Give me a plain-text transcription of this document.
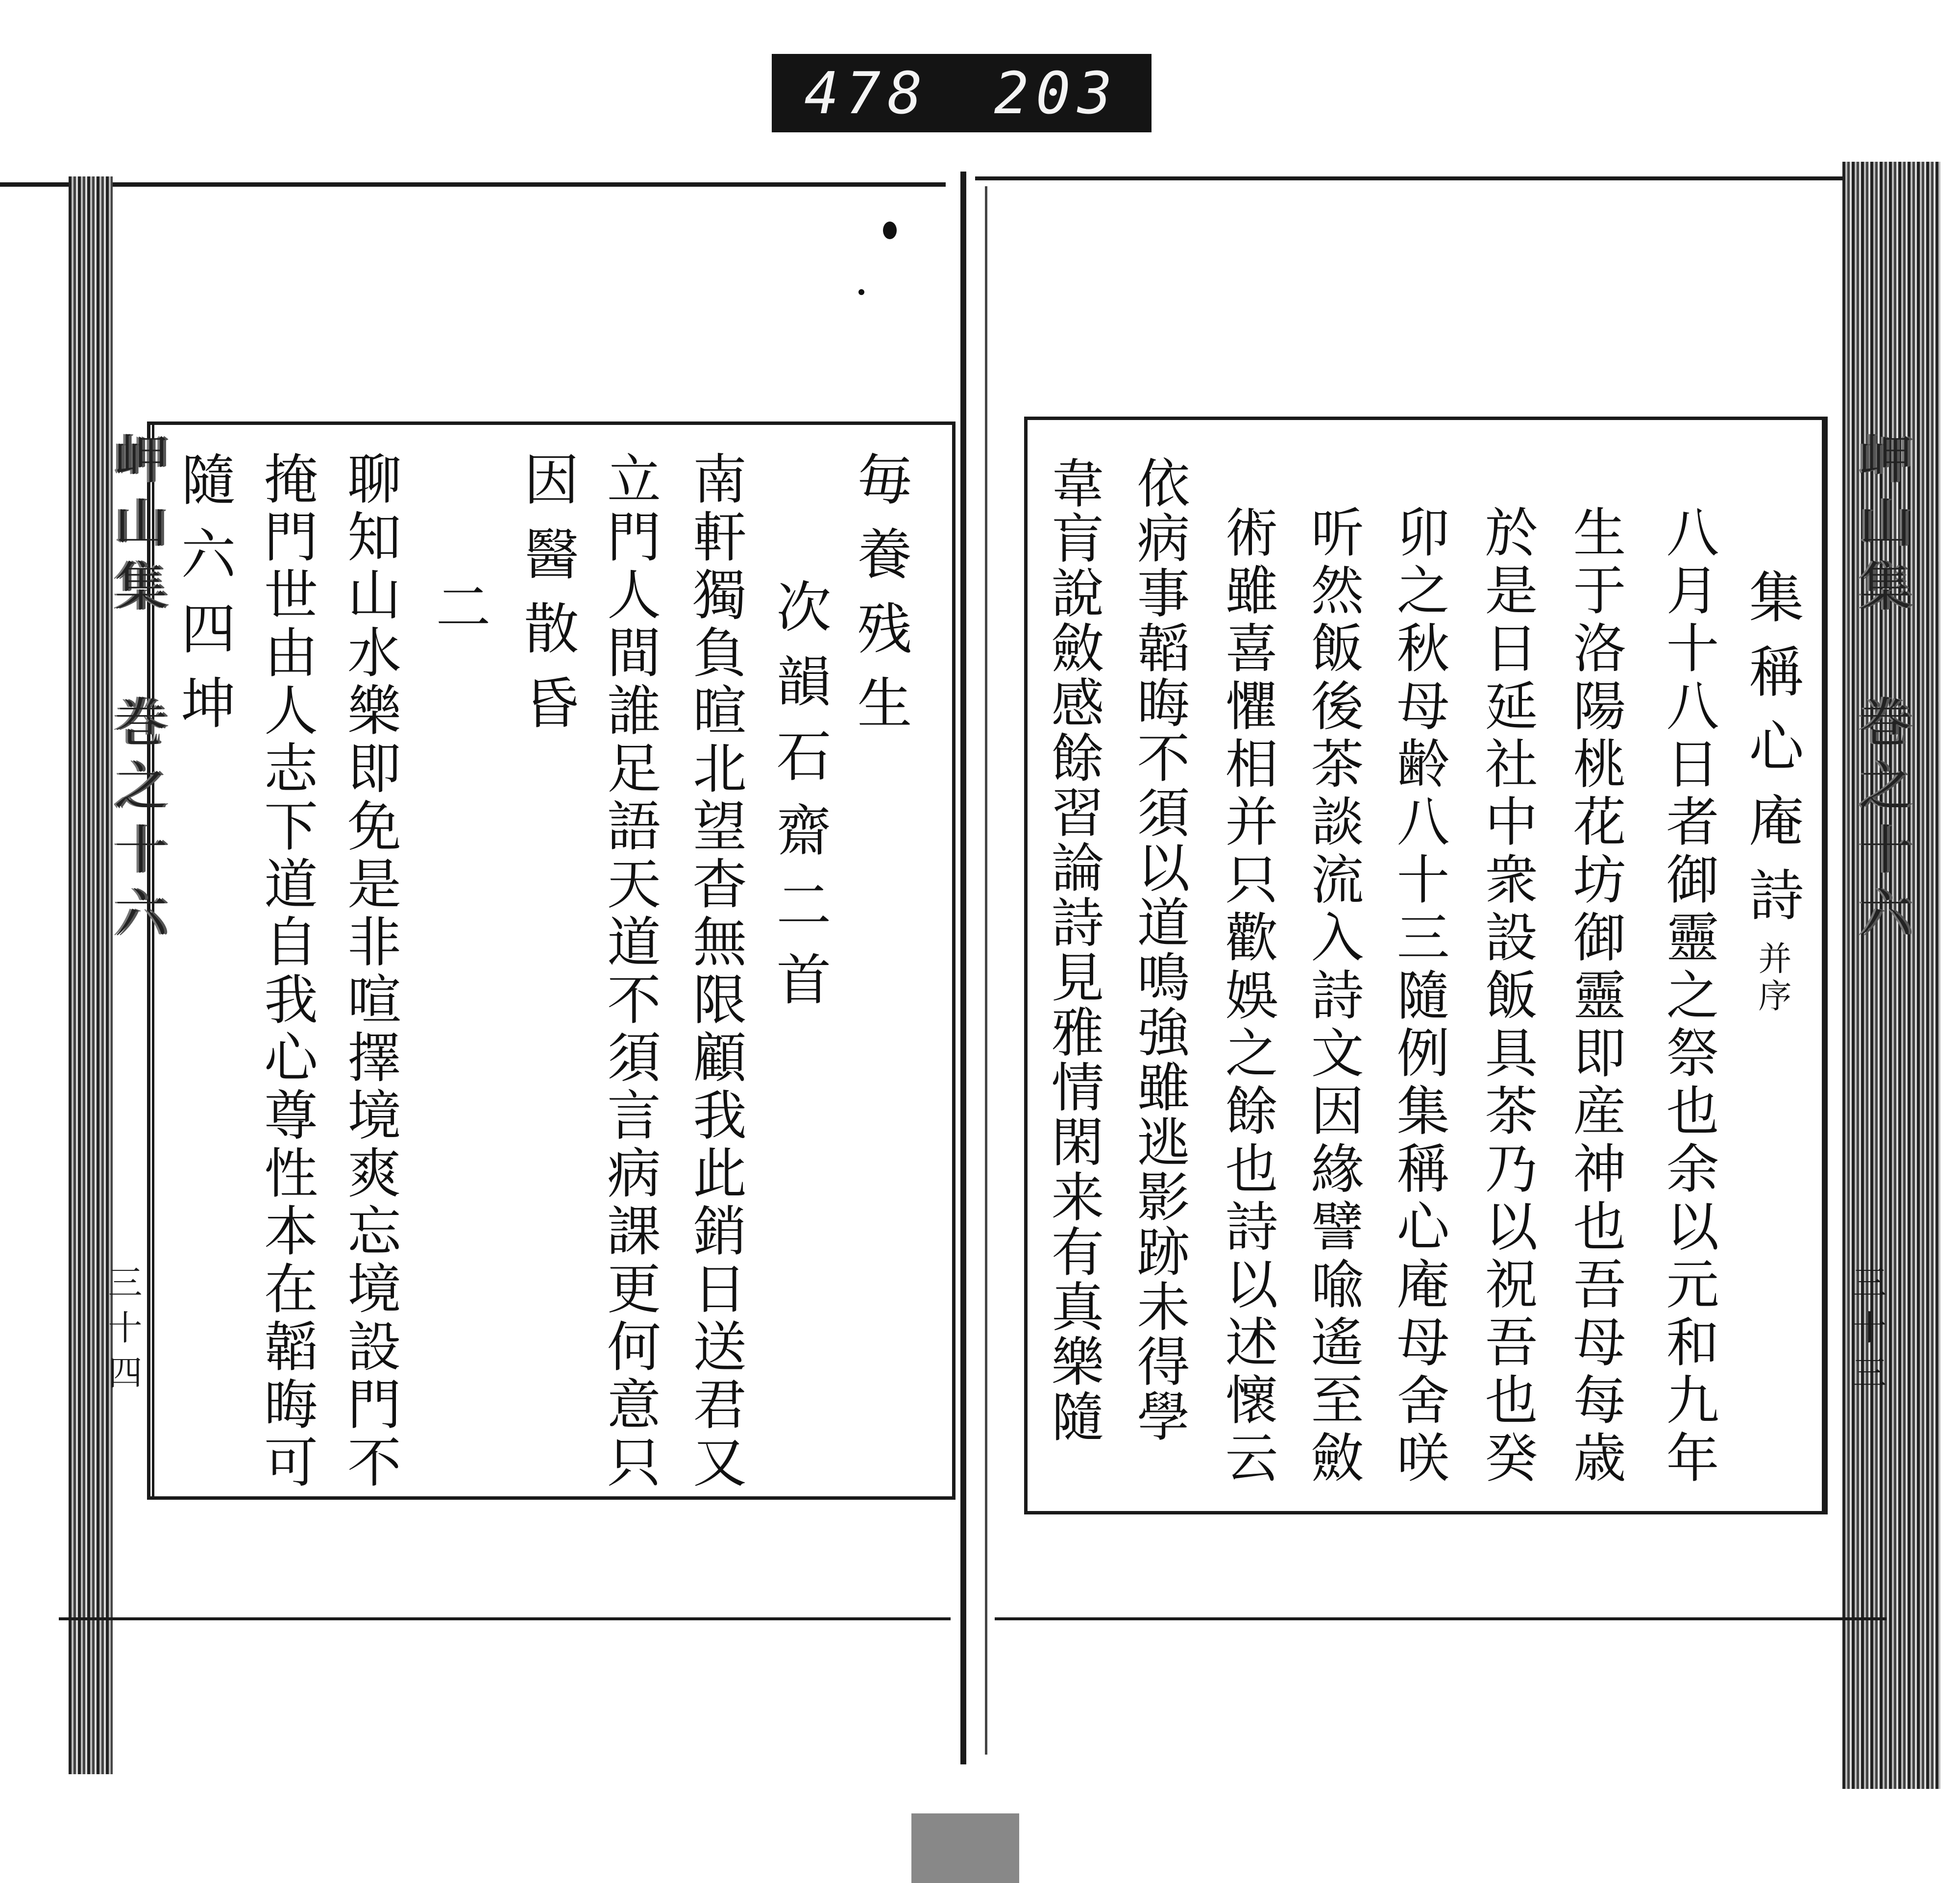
478 203
岬山集 巻之十六
三十四
毎養残生
次韻石齋二首
南軒獨負暄北望杳無限顧我此銷日送君又
立門人間誰足語天道不須言病課更何意只
因醫散昏
二
聊知山水樂即免是非喧擇境爽忘境設門不
掩門世由人志下道自我心尊性本在韜晦可
隨六四坤	岬山集 巻之十六
三十三
集稱心庵詩并序
八月十八日者御靈之祭也余以元和九年
生于洛陽桃花坊御靈即産神也吾母每歳
於是日延社中衆設飯具茶乃以祝吾也癸
卯之秋母齢八十三隨例集稱心庵母舍咲
听然飯後茶談流入詩文因緣譬喩遙至斂
術雖喜懼相并只歡娛之餘也詩以述懷云
依病事韜晦不須以道鳴強雖逃影跡未得學
韋肓說斂感餘習論詩見雅情閑来有真樂隨
